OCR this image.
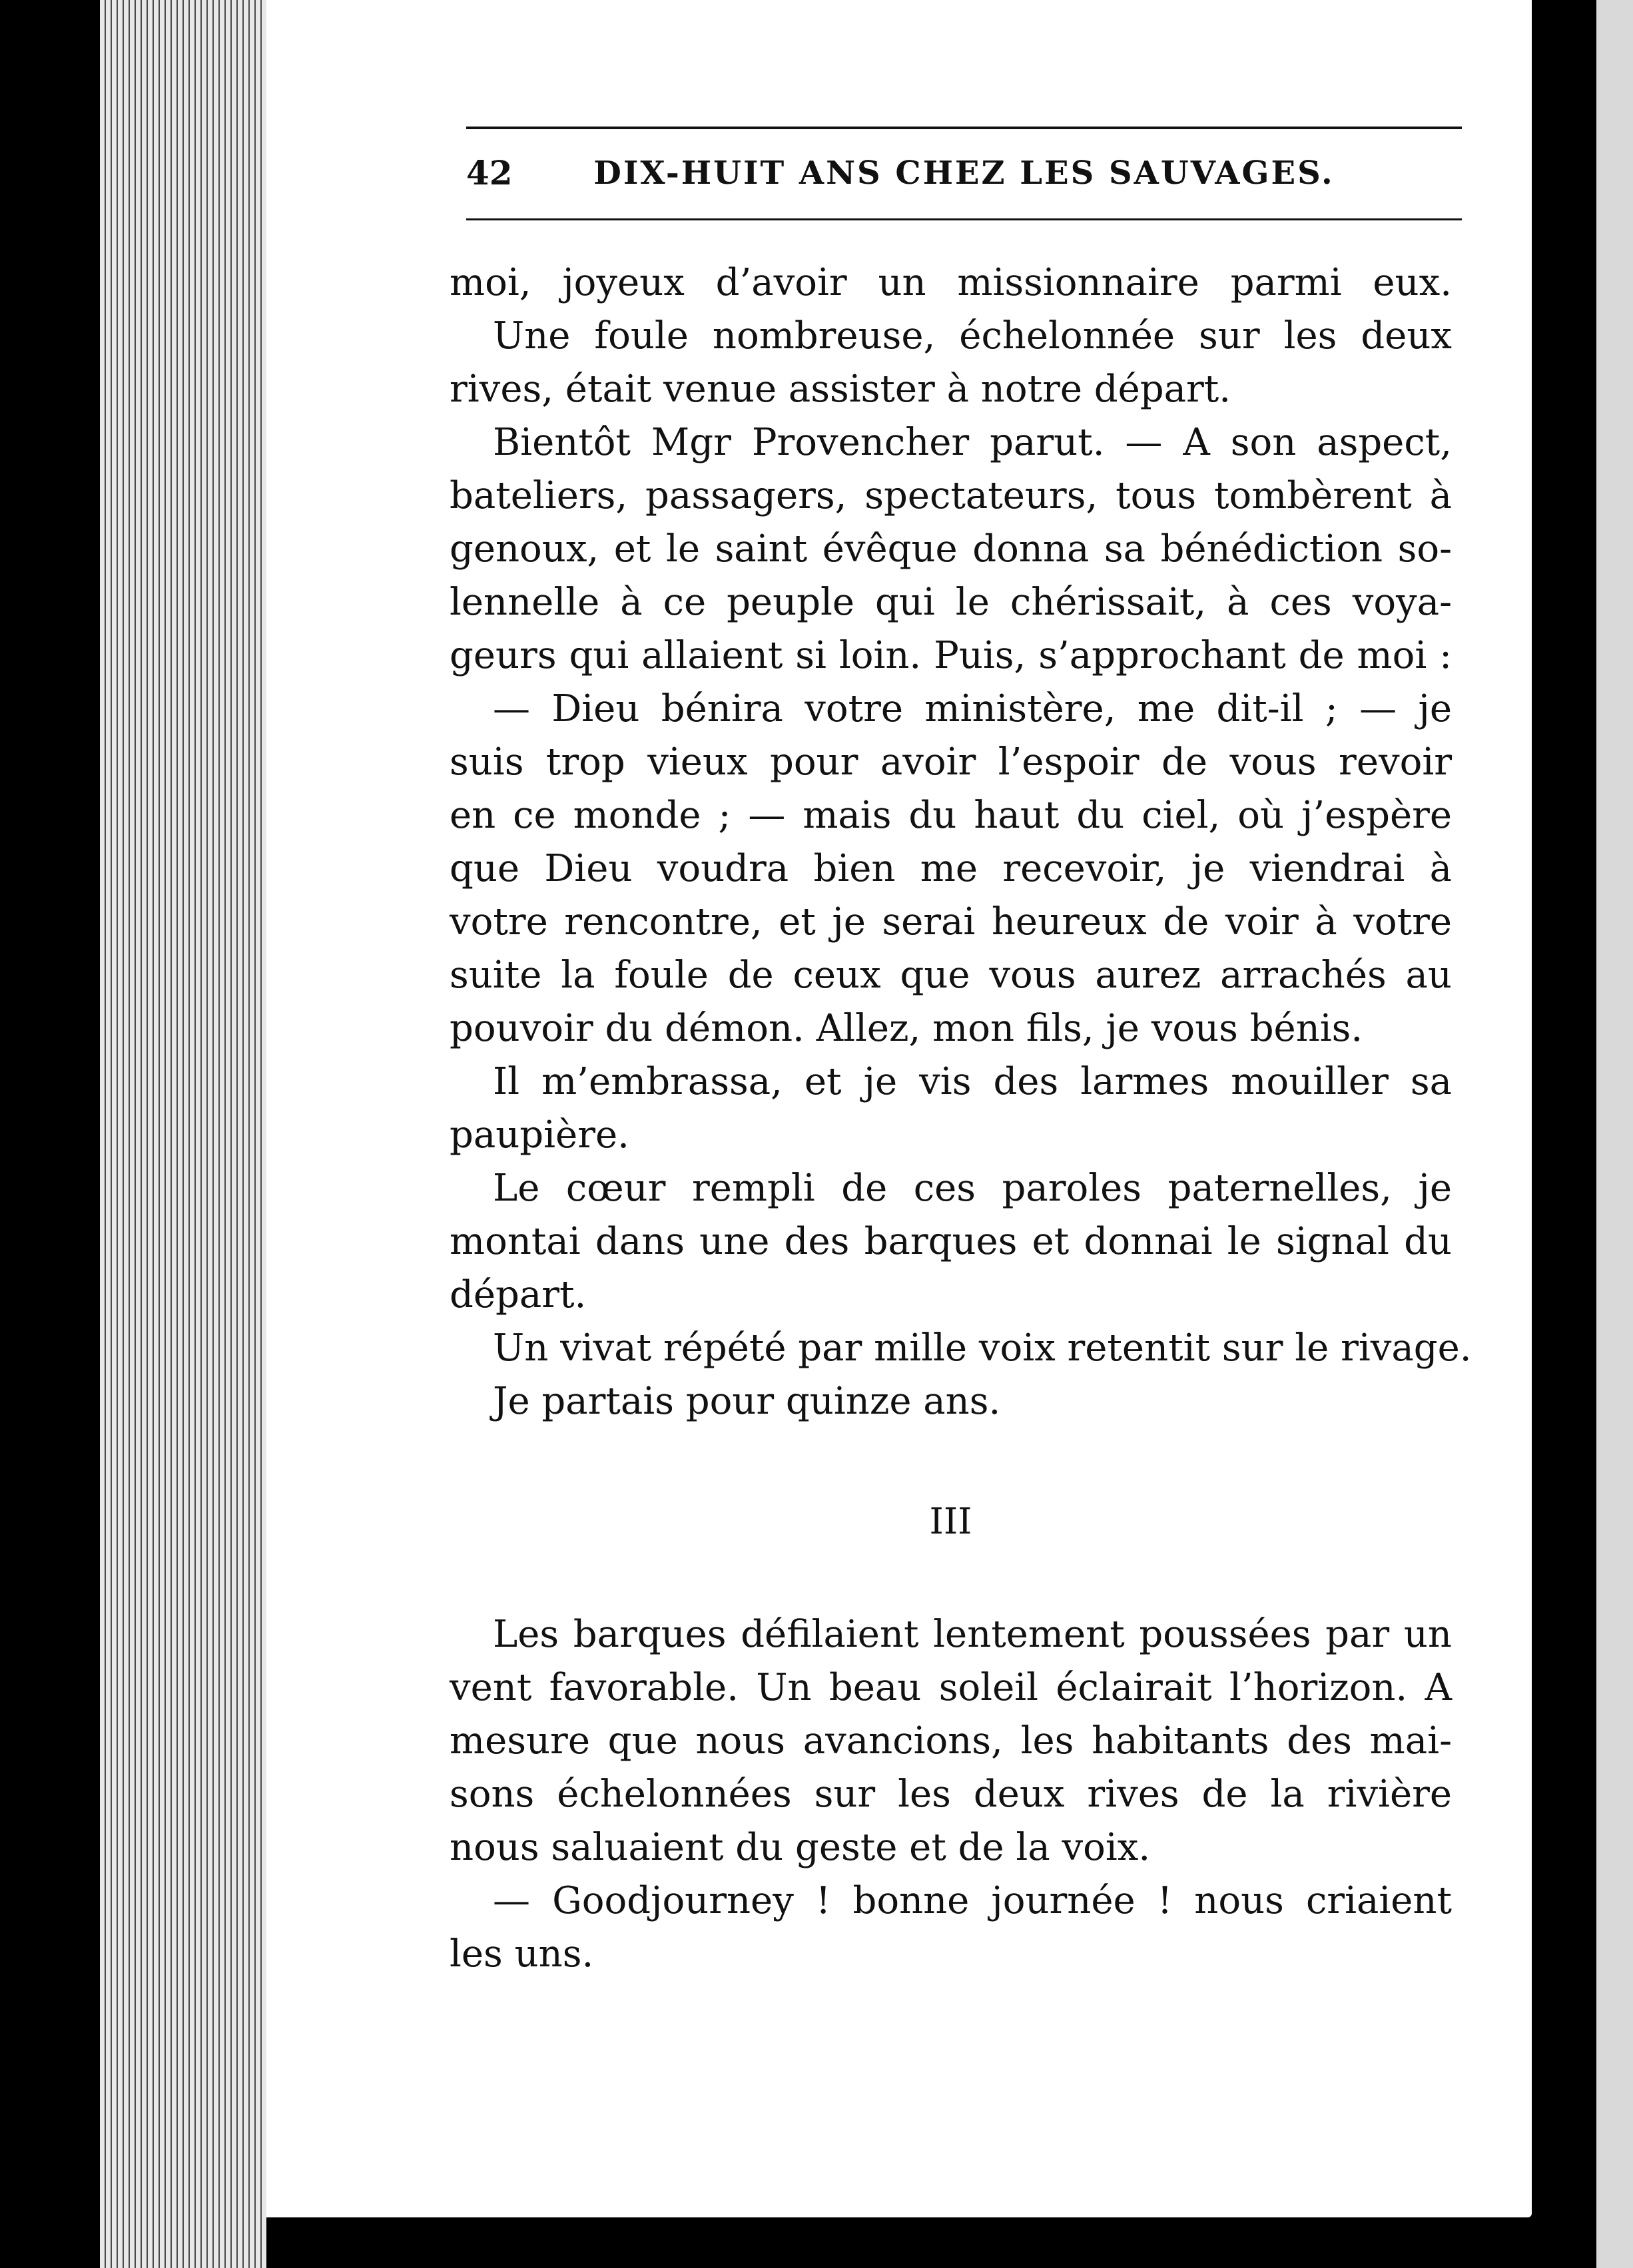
42	DIX-HUIT ANS CHEZ LES SAUVAGES.
moi, joyeux d’avoir un missionnaire parmi eux.
Une foule nombreuse, échelonnée sur les deux
rives, était venue assister à notre départ.
Bientôt Mgr Provencher parut. — A son aspect,
bateliers, passagers, spectateurs, tous tombèrent à
genoux, et le saint évêque donna sa bénédiction so-
lennelle à ce peuple qui le chérissait, à ces voya-
geurs qui allaient si loin. Puis, s’approchant de moi :
— Dieu bénira votre ministère, me dit-il ; — je
suis trop vieux pour avoir l’espoir de vous revoir
en ce monde ; — mais du haut du ciel, où j’espère
que Dieu voudra bien me recevoir, je viendrai à
votre rencontre, et je serai heureux de voir à votre
suite la foule de ceux que vous aurez arrachés au
pouvoir du démon. Allez, mon fils, je vous bénis.
Il m’embrassa, et je vis des larmes mouiller sa
paupière.
Le cœur rempli de ces paroles paternelles, je
montai dans une des barques et donnai le signal du
départ.
Un vivat répété par mille voix retentit sur le rivage.
Je partais pour quinze ans.
III
Les barques défilaient lentement poussées par un
vent favorable. Un beau soleil éclairait l’horizon. A
mesure que nous avancions, les habitants des mai-
sons échelonnées sur les deux rives de la rivière
nous saluaient du geste et de la voix.
— Goodjourney ! bonne journée ! nous criaient
les uns.
